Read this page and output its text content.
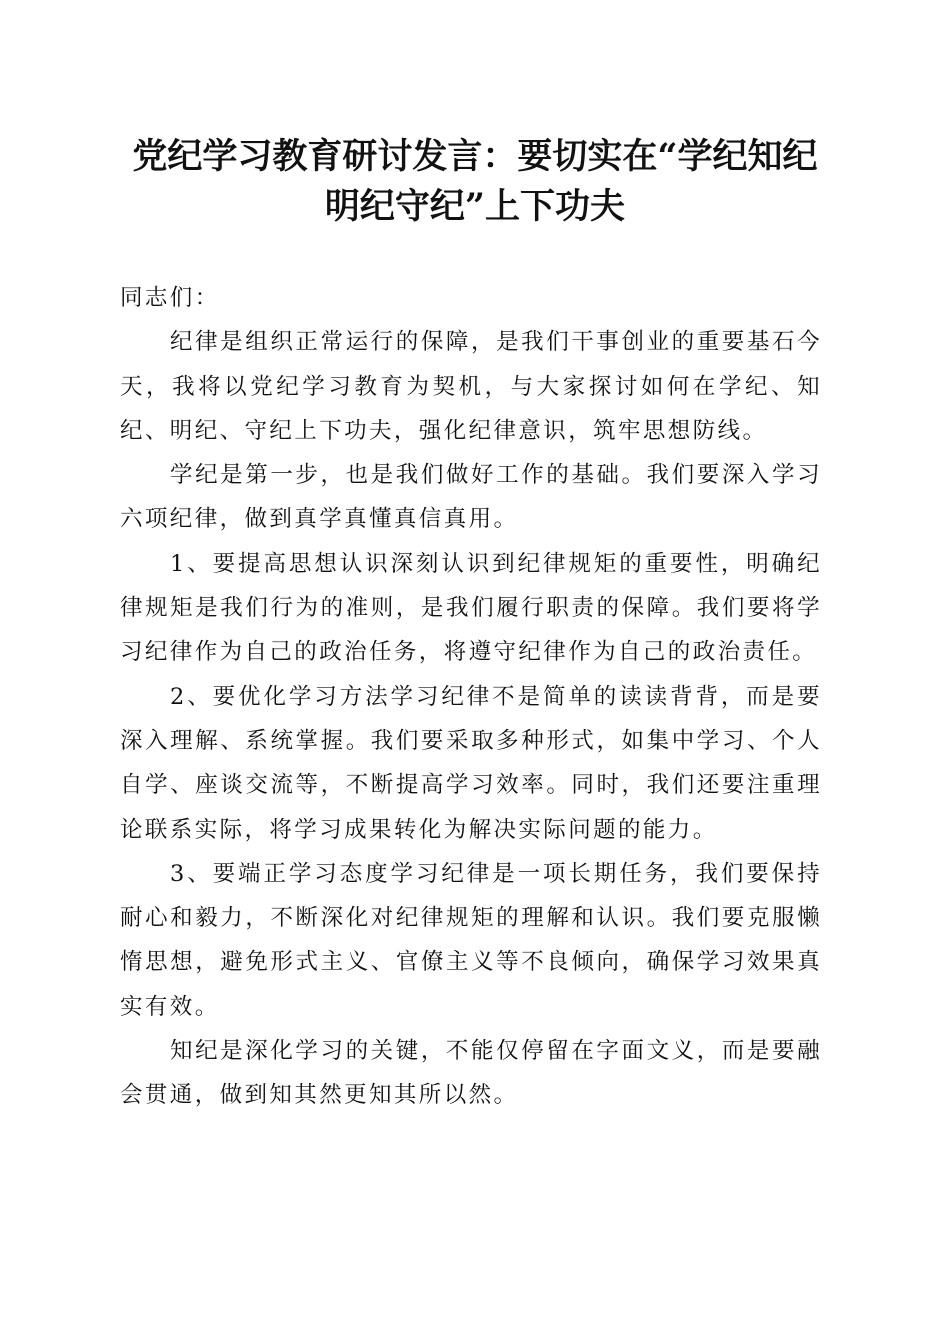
党纪学习教育研讨发言：要切实在“学纪知纪
明纪守纪”上下功夫

同志们：

纪律是组织正常运行的保障，是我们干事创业的重要基石今天，我将以党纪学习教育为契机，与大家探讨如何在学纪、知纪、明纪、守纪上下功夫，强化纪律意识，筑牢思想防线。

学纪是第一步，也是我们做好工作的基础。我们要深入学习六项纪律，做到真学真懂真信真用。

1、要提高思想认识深刻认识到纪律规矩的重要性，明确纪律规矩是我们行为的准则，是我们履行职责的保障。我们要将学习纪律作为自己的政治任务，将遵守纪律作为自己的政治责任。

2、要优化学习方法学习纪律不是简单的读读背背，而是要深入理解、系统掌握。我们要采取多种形式，如集中学习、个人自学、座谈交流等，不断提高学习效率。同时，我们还要注重理论联系实际，将学习成果转化为解决实际问题的能力。

3、要端正学习态度学习纪律是一项长期任务，我们要保持耐心和毅力，不断深化对纪律规矩的理解和认识。我们要克服懒惰思想，避免形式主义、官僚主义等不良倾向，确保学习效果真实有效。

知纪是深化学习的关键，不能仅停留在字面文义，而是要融会贯通，做到知其然更知其所以然。
